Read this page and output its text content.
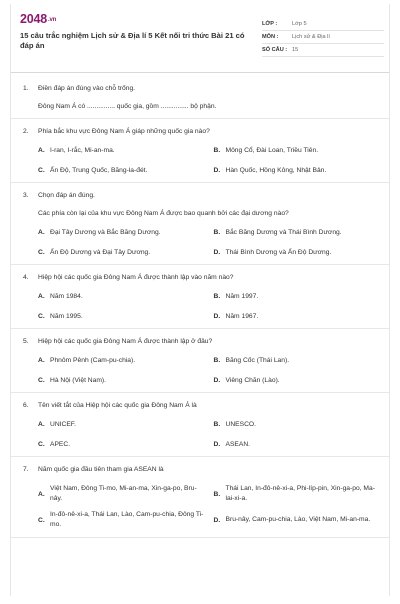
2048.vn
15 câu trắc nghiệm Lịch sử & Địa lí 5 Kết nối tri thức Bài 21 có đáp án
LỚP :	Lớp 5
MÔN :	Lịch sử & Địa lí
SỐ CÂU : 15
1.	Điền đáp án đúng vào chỗ trống.
Đông Nam Á có ............... quốc gia, gồm ............... bộ phận.
2.	Phía bắc khu vực Đông Nam Á giáp những quốc gia nào?
A. I-ran, I-rắc, Mi-an-ma.	B. Mông Cổ, Đài Loan, Triều Tiên.
C. Ấn Độ, Trung Quốc, Băng-la-đét.	D. Hàn Quốc, Hồng Kông, Nhật Bản.
3.	Chọn đáp án đúng.
Các phía còn lại của khu vực Đông Nam Á được bao quanh bởi các đại dương nào?
A. Đại Tây Dương và Bắc Băng Dương.	B. Bắc Băng Dương và Thái Bình Dương.
C. Ấn Độ Dương và Đại Tây Dương.	D. Thái Bình Dương và Ấn Độ Dương.
4.	Hiệp hội các quốc gia Đông Nam Á được thành lập vào năm nào?
A. Năm 1984.	B. Năm 1997.
C. Năm 1995.	D. Năm 1967.
5.	Hiệp hội các quốc gia Đông Nam Á được thành lập ở đâu?
A. Phnôm Pênh (Cam-pu-chia).	B. Băng Cốc (Thái Lan).
C. Hà Nội (Việt Nam).	D. Viêng Chăn (Lào).
6.	Tên viết tắt của Hiệp hội các quốc gia Đông Nam Á là
A. UNICEF.	B. UNESCO.
C. APEC.	D. ASEAN.
7.	Năm quốc gia đầu tiên tham gia ASEAN là
A.
Việt Nam, Đông Ti-mo, Mi-an-ma, Xin-ga-po, Bru-nây.
B.
Thái Lan, In-đô-nê-xi-a, Phi-líp-pin, Xin-ga-po, Ma-lai-xi-a.
C.
In-đô-nê-xi-a, Thái Lan, Lào, Cam-pu-chia, Đông Ti-mo.
D. Bru-nây, Cam-pu-chia, Lào, Việt Nam, Mi-an-ma.
